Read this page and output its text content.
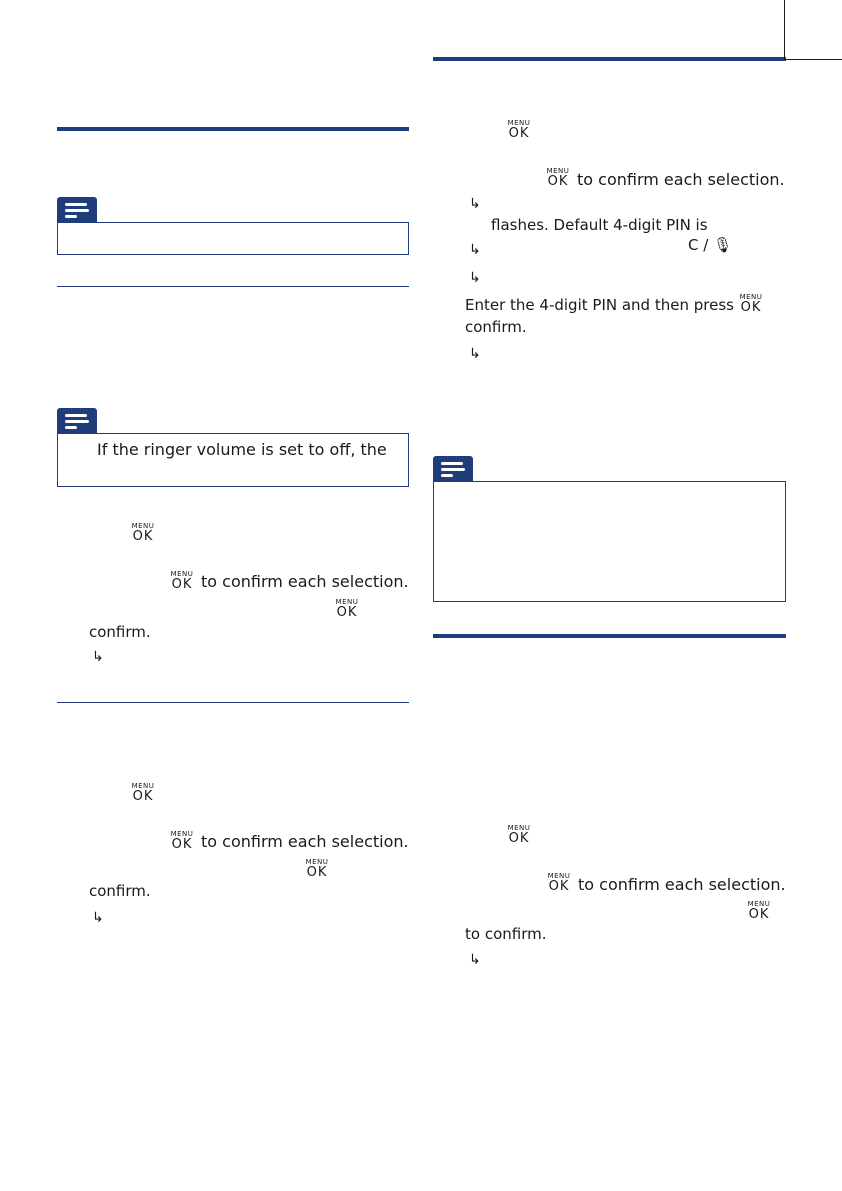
If the ringer volume is set to off, the
MENU
OK
MENU
OK to confirm each selection.
MENU
OK
confirm.
↳
MENU
OK
MENU
OK to confirm each selection.
MENU
OK
confirm.
↳
MENU
OK
MENU
OK to confirm each selection.
↳
flashes. Default 4-digit PIN is
↳	C / 🎙
↳
Enter the 4-digit PIN and then press MENU
OK
confirm.
↳
MENU
OK
MENU
OK to confirm each selection.
MENU
OK
to confirm.
↳
